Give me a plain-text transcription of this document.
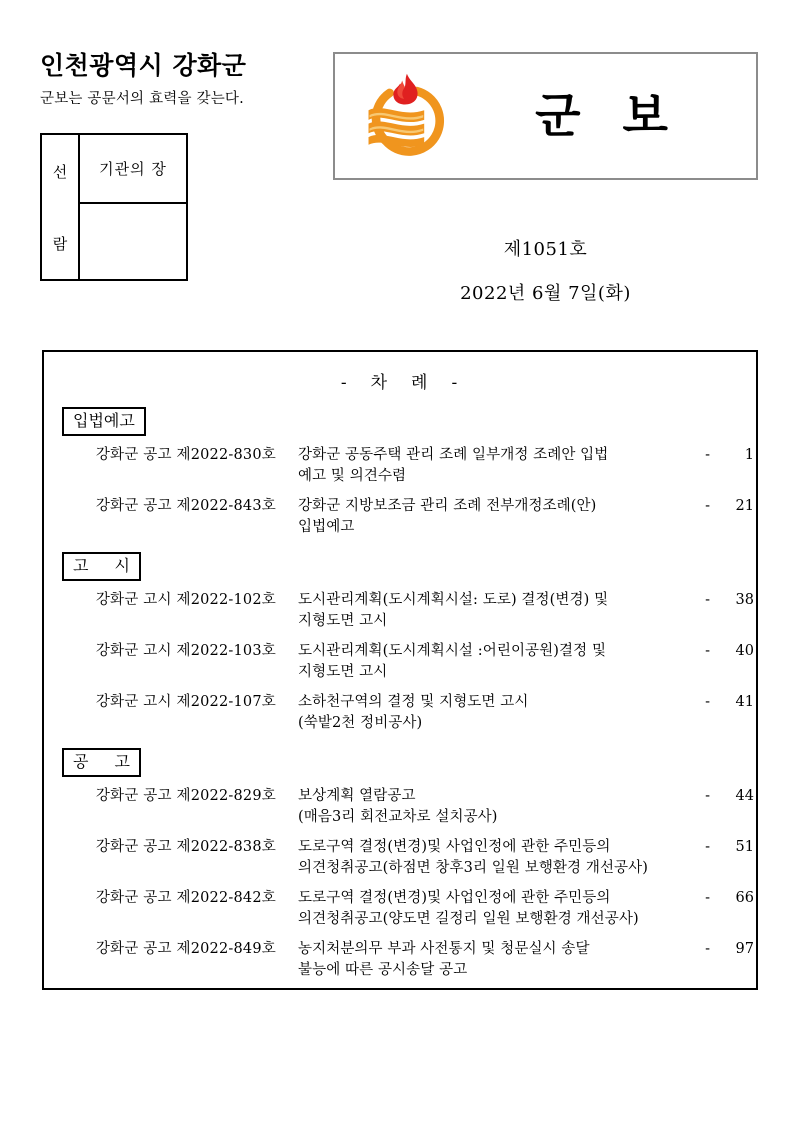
인천광역시 강화군
군보는 공문서의 효력을 갖는다.
선
람
기관의 장
군보
제1051호
2022년 6월 7일(화)
- 차 례 -
입법예고
강화군 공고 제2022-830호 강화군 공동주택 관리 조례 일부개정 조례안 입법
예고 및 의견수렴
-	1
강화군 공고 제2022-843호 강화군 지방보조금 관리 조례 전부개정조례(안)
입법예고
-	21
고 시
강화군 고시 제2022-102호 도시관리계획(도시계획시설: 도로) 결정(변경) 및
지형도면 고시
-	38
강화군 고시 제2022-103호 도시관리계획(도시계획시설 :어린이공원)결정 및
지형도면 고시
-	40
강화군 고시 제2022-107호 소하천구역의 결정 및 지형도면 고시
(쑥밭2천 정비공사)
-	41
공 고
강화군 공고 제2022-829호 보상계획 열람공고
(매음3리 회전교차로 설치공사)
-	44
강화군 공고 제2022-838호 도로구역 결정(변경)및 사업인정에 관한 주민등의
의견청취공고(하점면 창후3리 일원 보행환경 개선공사)
-	51
강화군 공고 제2022-842호 도로구역 결정(변경)및 사업인정에 관한 주민등의
의견청취공고(양도면 길정리 일원 보행환경 개선공사)
-	66
강화군 공고 제2022-849호 농지처분의무 부과 사전통지 및 청문실시 송달
불능에 따른 공시송달 공고
-	97
